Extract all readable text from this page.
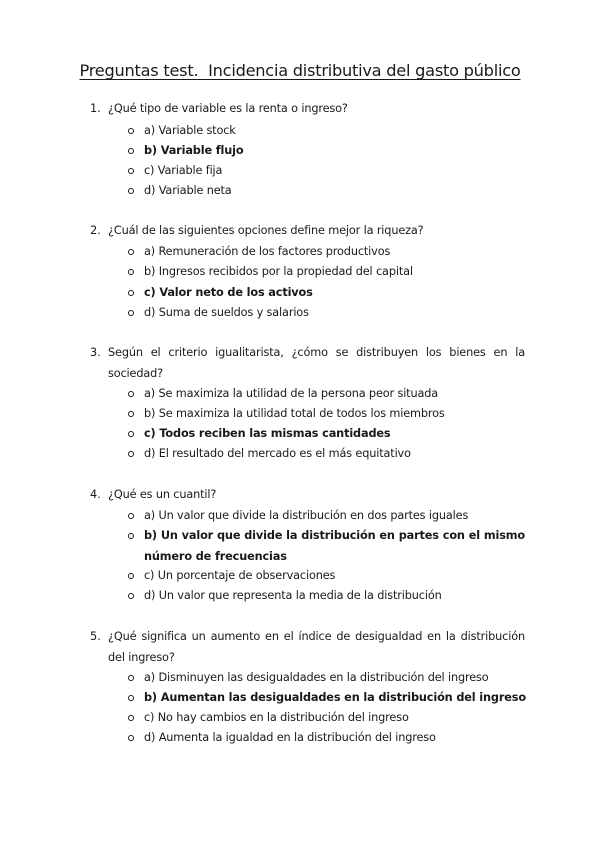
Preguntas test.  Incidencia distributiva del gasto público
1. ¿Qué tipo de variable es la renta o ingreso?
a) Variable stock
b) Variable flujo
c) Variable fija
d) Variable neta
2. ¿Cuál de las siguientes opciones define mejor la riqueza?
a) Remuneración de los factores productivos
b) Ingresos recibidos por la propiedad del capital
c) Valor neto de los activos
d) Suma de sueldos y salarios
3. Según el criterio igualitarista, ¿cómo se distribuyen los bienes en la sociedad?
a) Se maximiza la utilidad de la persona peor situada
b) Se maximiza la utilidad total de todos los miembros
c) Todos reciben las mismas cantidades
d) El resultado del mercado es el más equitativo
4. ¿Qué es un cuantil?
a) Un valor que divide la distribución en dos partes iguales
b) Un valor que divide la distribución en partes con el mismo número de frecuencias
c) Un porcentaje de observaciones
d) Un valor que representa la media de la distribución
5. ¿Qué significa un aumento en el índice de desigualdad en la distribución del ingreso?
a) Disminuyen las desigualdades en la distribución del ingreso
b) Aumentan las desigualdades en la distribución del ingreso
c) No hay cambios en la distribución del ingreso
d) Aumenta la igualdad en la distribución del ingreso
